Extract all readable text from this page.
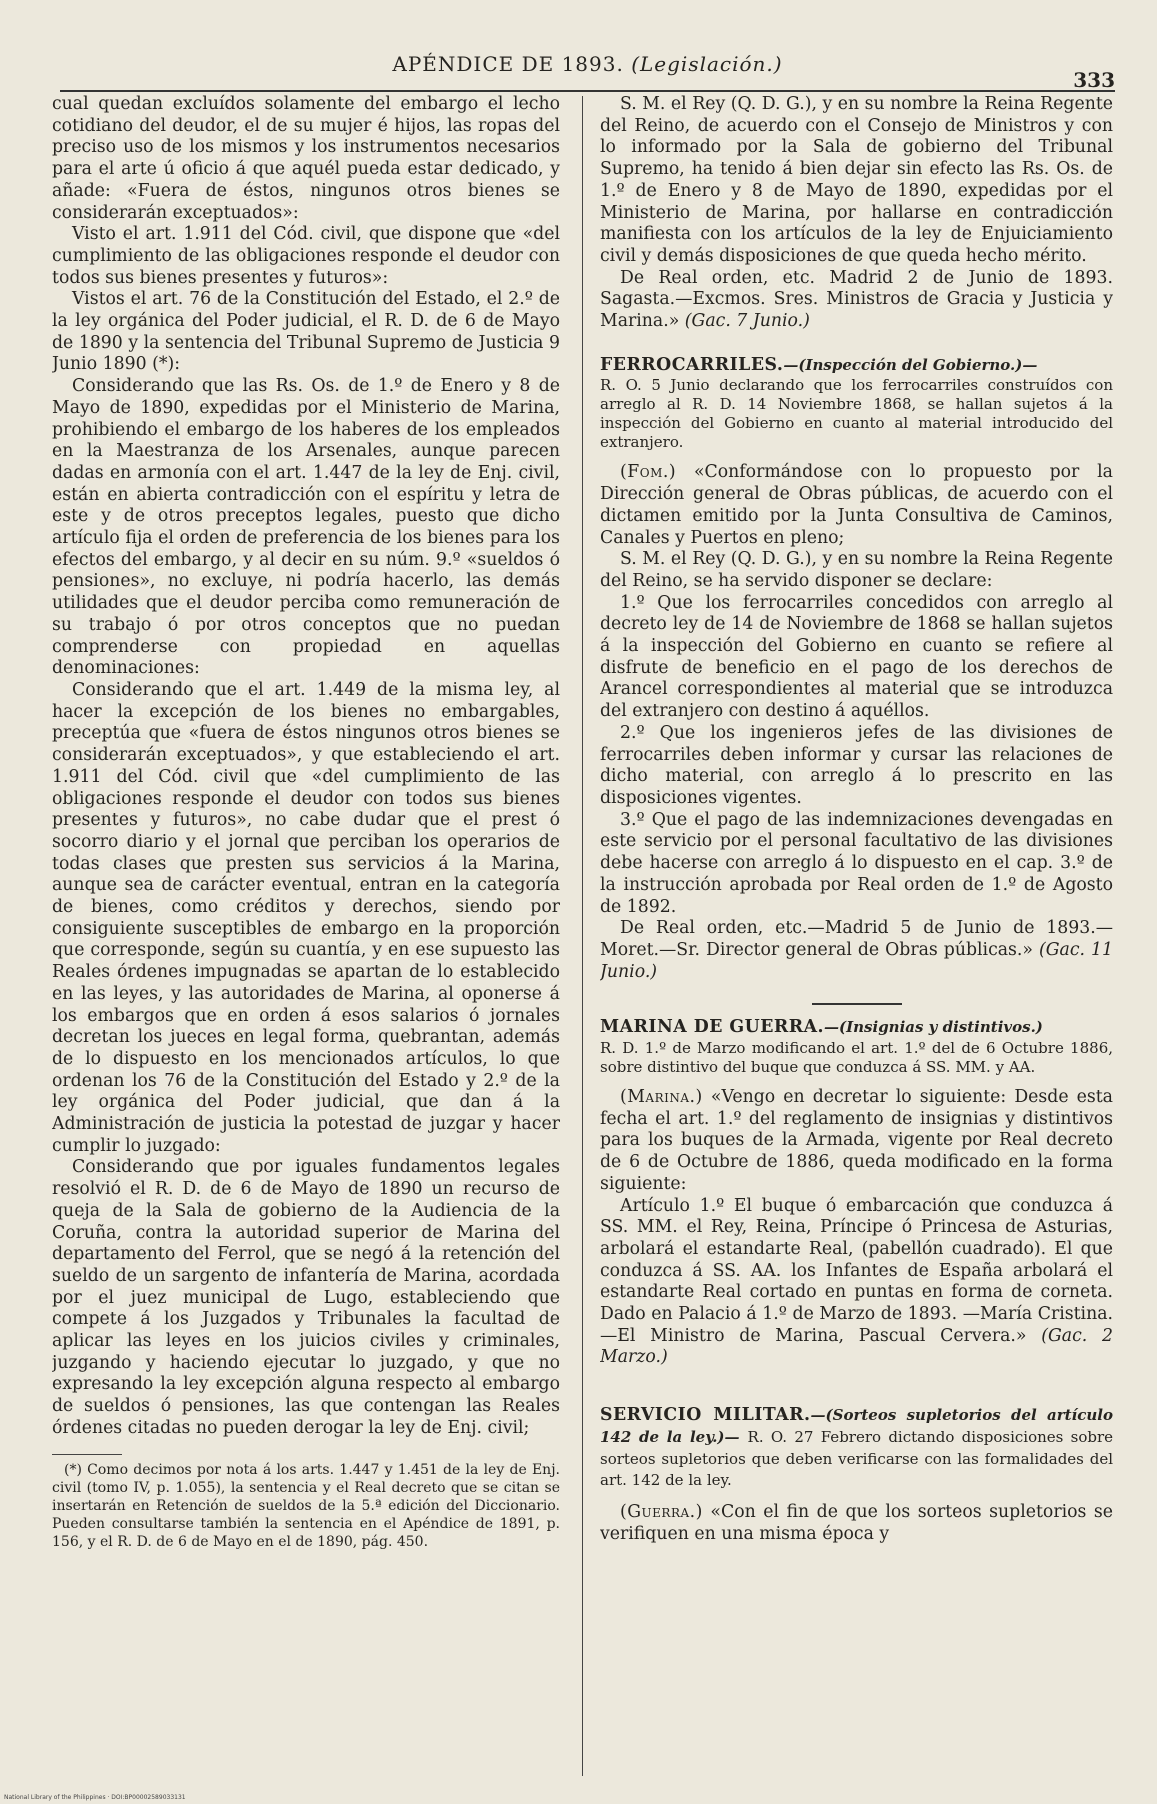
APÉNDICE DE 1893. (Legislación.)
333

cual quedan excluídos solamente del embargo el lecho cotidiano del deudor, el de su mujer é hijos, las ropas del preciso uso de los mismos y los instrumentos necesarios para el arte ú oficio á que aquél pueda estar dedicado, y añade: «Fuera de éstos, ningunos otros bienes se considerarán exceptuados»:

Visto el art. 1.911 del Cód. civil, que dispone que «del cumplimiento de las obligaciones responde el deudor con todos sus bienes presentes y futuros»:

Vistos el art. 76 de la Constitución del Estado, el 2.º de la ley orgánica del Poder judicial, el R. D. de 6 de Mayo de 1890 y la sentencia del Tribunal Supremo de Justicia 9 Junio 1890 (*):

Considerando que las Rs. Os. de 1.º de Enero y 8 de Mayo de 1890, expedidas por el Ministerio de Marina, prohibiendo el embargo de los haberes de los empleados en la Maestranza de los Arsenales, aunque parecen dadas en armonía con el art. 1.447 de la ley de Enj. civil, están en abierta contradicción con el espíritu y letra de este y de otros preceptos legales, puesto que dicho artículo fija el orden de preferencia de los bienes para los efectos del embargo, y al decir en su núm. 9.º «sueldos ó pensiones», no excluye, ni podría hacerlo, las demás utilidades que el deudor perciba como remuneración de su trabajo ó por otros conceptos que no puedan comprenderse con propiedad en aquellas denominaciones:

Considerando que el art. 1.449 de la misma ley, al hacer la excepción de los bienes no embargables, preceptúa que «fuera de éstos ningunos otros bienes se considerarán exceptuados», y que estableciendo el art. 1.911 del Cód. civil que «del cumplimiento de las obligaciones responde el deudor con todos sus bienes presentes y futuros», no cabe dudar que el prest ó socorro diario y el jornal que perciban los operarios de todas clases que presten sus servicios á la Marina, aunque sea de carácter eventual, entran en la categoría de bienes, como créditos y derechos, siendo por consiguiente susceptibles de embargo en la proporción que corresponde, según su cuantía, y en ese supuesto las Reales órdenes impugnadas se apartan de lo establecido en las leyes, y las autoridades de Marina, al oponerse á los embargos que en orden á esos salarios ó jornales decretan los jueces en legal forma, quebrantan, además de lo dispuesto en los mencionados artículos, lo que ordenan los 76 de la Constitución del Estado y 2.º de la ley orgánica del Poder judicial, que dan á la Administración de justicia la potestad de juzgar y hacer cumplir lo juzgado:

Considerando que por iguales fundamentos legales resolvió el R. D. de 6 de Mayo de 1890 un recurso de queja de la Sala de gobierno de la Audiencia de la Coruña, contra la autoridad superior de Marina del departamento del Ferrol, que se negó á la retención del sueldo de un sargento de infantería de Marina, acordada por el juez municipal de Lugo, estableciendo que compete á los Juzgados y Tribunales la facultad de aplicar las leyes en los juicios civiles y criminales, juzgando y haciendo ejecutar lo juzgado, y que no expresando la ley excepción alguna respecto al embargo de sueldos ó pensiones, las que contengan las Reales órdenes citadas no pueden derogar la ley de Enj. civil;

(*) Como decimos por nota á los arts. 1.447 y 1.451 de la ley de Enj. civil (tomo IV, p. 1.055), la sentencia y el Real decreto que se citan se insertarán en Retención de sueldos de la 5.ª edición del Diccionario. Pueden consultarse también la sentencia en el Apéndice de 1891, p. 156, y el R. D. de 6 de Mayo en el de 1890, pág. 450.

S. M. el Rey (Q. D. G.), y en su nombre la Reina Regente del Reino, de acuerdo con el Consejo de Ministros y con lo informado por la Sala de gobierno del Tribunal Supremo, ha tenido á bien dejar sin efecto las Rs. Os. de 1.º de Enero y 8 de Mayo de 1890, expedidas por el Ministerio de Marina, por hallarse en contradicción manifiesta con los artículos de la ley de Enjuiciamiento civil y demás disposiciones de que queda hecho mérito.

De Real orden, etc. Madrid 2 de Junio de 1893. Sagasta.—Excmos. Sres. Ministros de Gracia y Justicia y Marina.» (Gac. 7 Junio.)

FERROCARRILES.—(Inspección del Gobierno.)—

R. O. 5 Junio declarando que los ferrocarriles construídos con arreglo al R. D. 14 Noviembre 1868, se hallan sujetos á la inspección del Gobierno en cuanto al material introducido del extranjero.

(Fom.) «Conformándose con lo propuesto por la Dirección general de Obras públicas, de acuerdo con el dictamen emitido por la Junta Consultiva de Caminos, Canales y Puertos en pleno;

S. M. el Rey (Q. D. G.), y en su nombre la Reina Regente del Reino, se ha servido disponer se declare:

1.º Que los ferrocarriles concedidos con arreglo al decreto ley de 14 de Noviembre de 1868 se hallan sujetos á la inspección del Gobierno en cuanto se refiere al disfrute de beneficio en el pago de los derechos de Arancel correspondientes al material que se introduzca del extranjero con destino á aquéllos.

2.º Que los ingenieros jefes de las divisiones de ferrocarriles deben informar y cursar las relaciones de dicho material, con arreglo á lo prescrito en las disposiciones vigentes.

3.º Que el pago de las indemnizaciones devengadas en este servicio por el personal facultativo de las divisiones debe hacerse con arreglo á lo dispuesto en el cap. 3.º de la instrucción aprobada por Real orden de 1.º de Agosto de 1892.

De Real orden, etc.—Madrid 5 de Junio de 1893.—Moret.—Sr. Director general de Obras públicas.» (Gac. 11 Junio.)

MARINA DE GUERRA.—(Insignias y distintivos.)

R. D. 1.º de Marzo modificando el art. 1.º del de 6 Octubre 1886, sobre distintivo del buque que conduzca á SS. MM. y AA.

(Marina.) «Vengo en decretar lo siguiente: Desde esta fecha el art. 1.º del reglamento de insignias y distintivos para los buques de la Armada, vigente por Real decreto de 6 de Octubre de 1886, queda modificado en la forma siguiente:

Artículo 1.º El buque ó embarcación que conduzca á SS. MM. el Rey, Reina, Príncipe ó Princesa de Asturias, arbolará el estandarte Real, (pabellón cuadrado). El que conduzca á SS. AA. los Infantes de España arbolará el estandarte Real cortado en puntas en forma de corneta. Dado en Palacio á 1.º de Marzo de 1893. —María Cristina.—El Ministro de Marina, Pascual Cervera.» (Gac. 2 Marzo.)

SERVICIO MILITAR.—(Sorteos supletorios del artículo 142 de la ley.)— R. O. 27 Febrero dictando disposiciones sobre sorteos supletorios que deben verificarse con las formalidades del art. 142 de la ley.

(Guerra.) «Con el fin de que los sorteos supletorios se verifiquen en una misma época y

National Library of the Philippines · DOI:BP00002589033131
